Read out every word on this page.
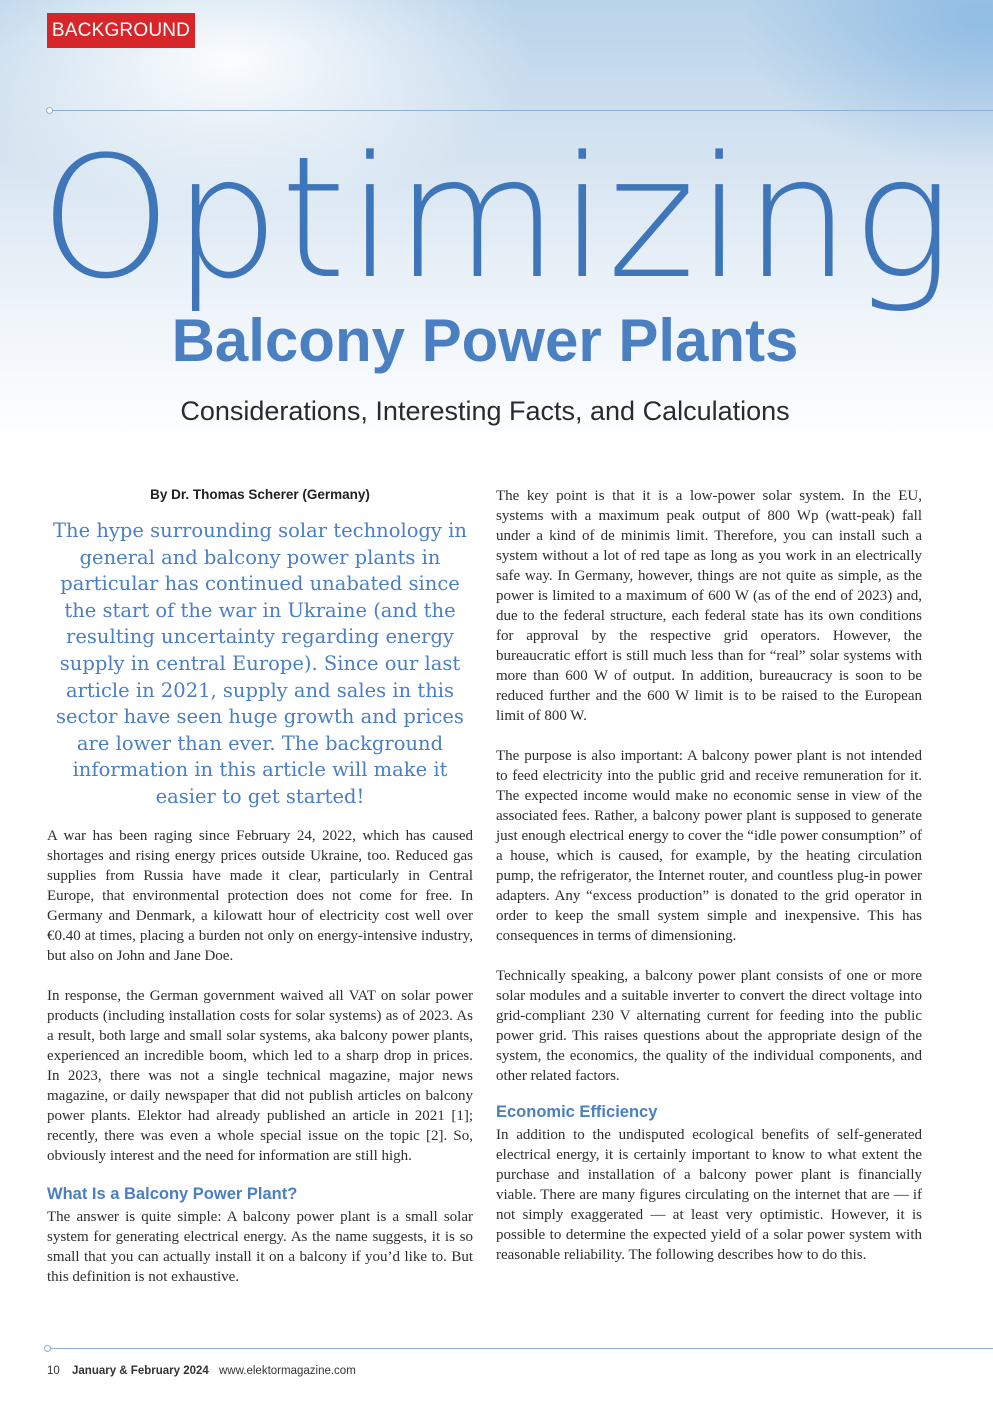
BACKGROUND
Optimizing
Balcony Power Plants
Considerations, Interesting Facts, and Calculations
By Dr. Thomas Scherer (Germany)
The hype surrounding solar technology in general and balcony power plants in particular has continued unabated since the start of the war in Ukraine (and the resulting uncertainty regarding energy supply in central Europe). Since our last article in 2021, supply and sales in this sector have seen huge growth and prices are lower than ever. The background information in this article will make it easier to get started!

A war has been raging since February 24, 2022, which has caused shortages and rising energy prices outside Ukraine, too. Reduced gas supplies from Russia have made it clear, particularly in Central Europe, that environmental protection does not come for free. In Germany and Denmark, a kilowatt hour of electricity cost well over €0.40 at times, placing a burden not only on energy-intensive industry, but also on John and Jane Doe.

In response, the German government waived all VAT on solar power products (including installation costs for solar systems) as of 2023. As a result, both large and small solar systems, aka balcony power plants, experienced an incredible boom, which led to a sharp drop in prices. In 2023, there was not a single technical magazine, major news magazine, or daily newspaper that did not publish articles on balcony power plants. Elektor had already published an article in 2021 [1]; recently, there was even a whole special issue on the topic [2]. So, obviously interest and the need for information are still high.

What Is a Balcony Power Plant?

The answer is quite simple: A balcony power plant is a small solar system for generating electrical energy. As the name suggests, it is so small that you can actually install it on a balcony if you’d like to. But this definition is not exhaustive.

The key point is that it is a low-power solar system. In the EU, systems with a maximum peak output of 800 Wp (watt-peak) fall under a kind of de minimis limit. Therefore, you can install such a system without a lot of red tape as long as you work in an electrically safe way. In Germany, however, things are not quite as simple, as the power is limited to a maximum of 600 W (as of the end of 2023) and, due to the federal structure, each federal state has its own conditions for approval by the respective grid operators. However, the bureaucratic effort is still much less than for “real” solar systems with more than 600 W of output. In addition, bureaucracy is soon to be reduced further and the 600 W limit is to be raised to the European limit of 800 W.

The purpose is also important: A balcony power plant is not intended to feed electricity into the public grid and receive remuneration for it. The expected income would make no economic sense in view of the associated fees. Rather, a balcony power plant is supposed to generate just enough electrical energy to cover the “idle power consumption” of a house, which is caused, for example, by the heating circulation pump, the refrigerator, the Internet router, and countless plug-in power adapters. Any “excess production” is donated to the grid operator in order to keep the small system simple and inexpensive. This has consequences in terms of dimensioning.

Technically speaking, a balcony power plant consists of one or more solar modules and a suitable inverter to convert the direct voltage into grid-compliant 230 V alternating current for feeding into the public power grid. This raises questions about the appropriate design of the system, the economics, the quality of the individual components, and other related factors.

Economic Efficiency

In addition to the undisputed ecological benefits of self-generated electrical energy, it is certainly important to know to what extent the purchase and installation of a balcony power plant is financially viable. There are many figures circulating on the internet that are — if not simply exaggerated — at least very optimistic. However, it is possible to determine the expected yield of a solar power system with reasonable reliability. The following describes how to do this.

10 January & February 2024 www.elektormagazine.com
